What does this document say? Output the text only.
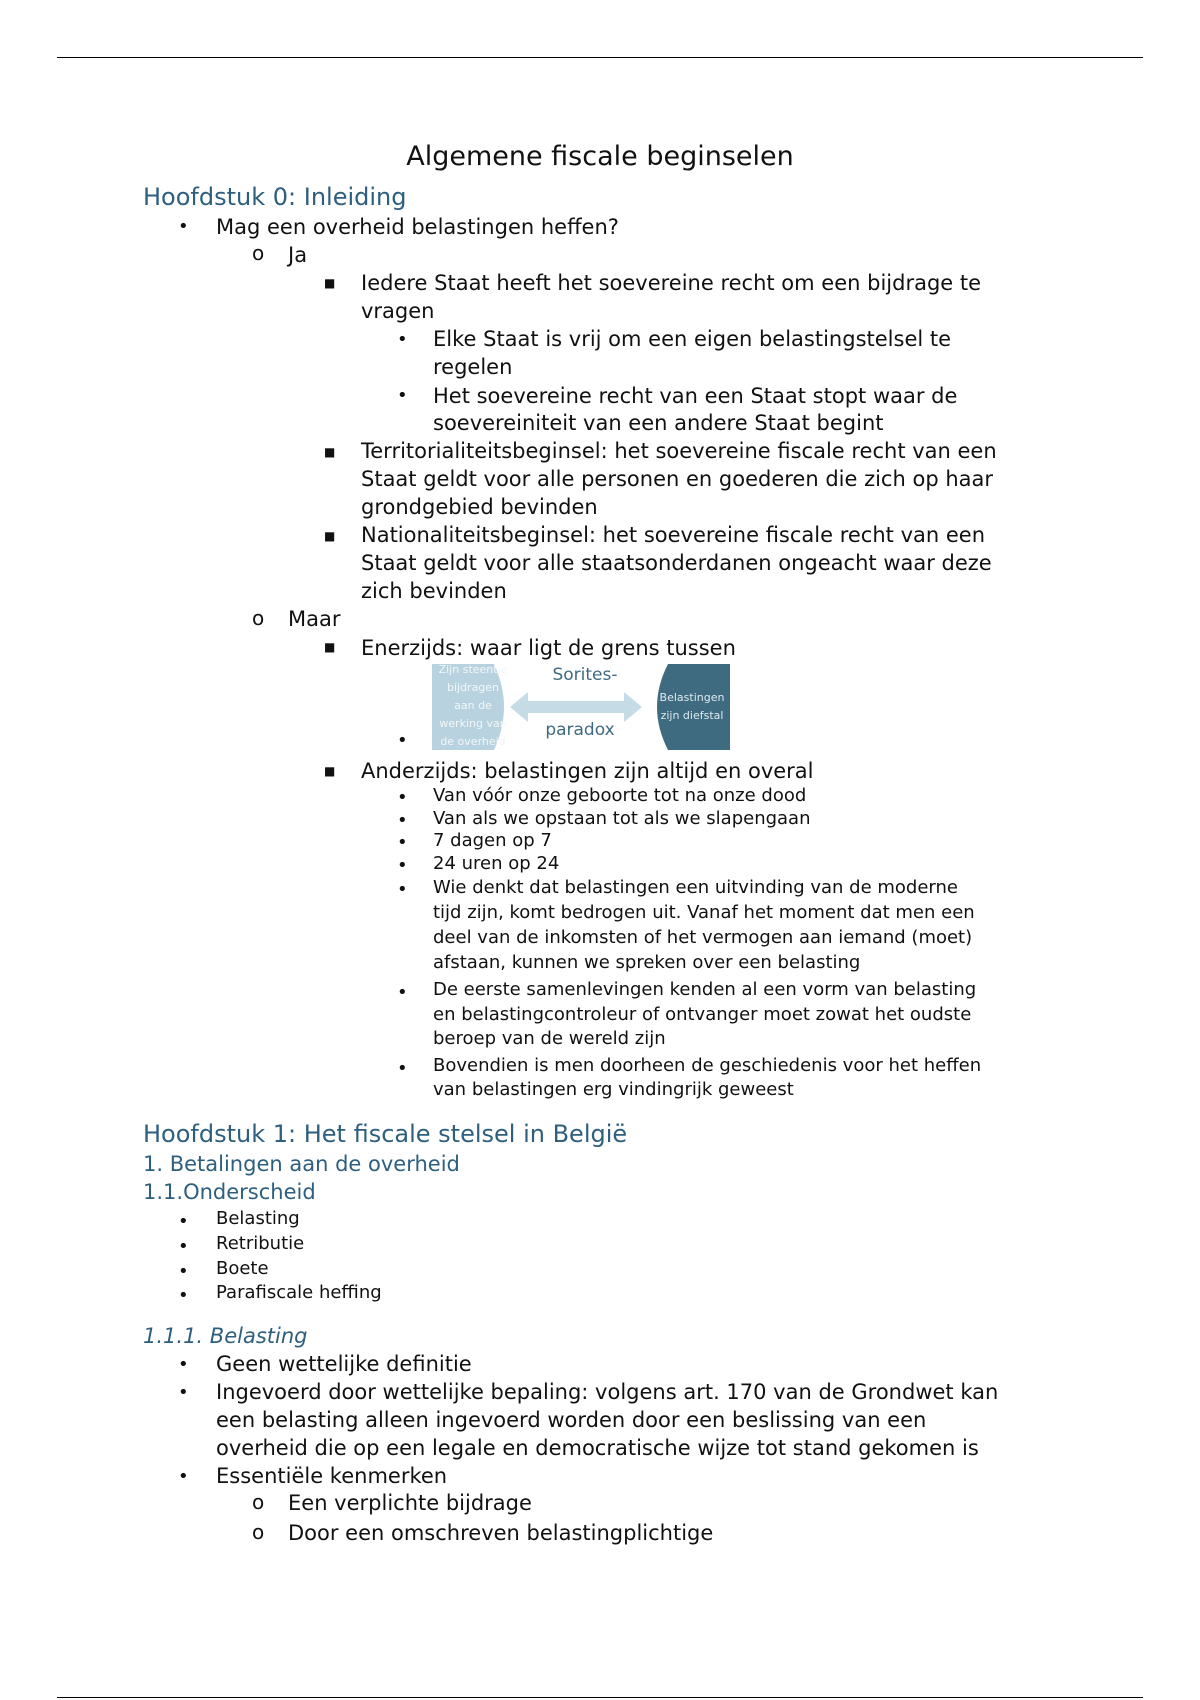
Algemene fiscale beginselen
Hoofdstuk 0: Inleiding
•
Mag een overheid belastingen heffen?
o
Ja
■
Iedere Staat heeft het soevereine recht om een bijdrage te
vragen
•
Elke Staat is vrij om een eigen belastingstelsel te
regelen
•
Het soevereine recht van een Staat stopt waar de
soevereiniteit van een andere Staat begint
■
Territorialiteitsbeginsel: het soevereine fiscale recht van een
Staat geldt voor alle personen en goederen die zich op haar
grondgebied bevinden
■
Nationaliteitsbeginsel: het soevereine fiscale recht van een
Staat geldt voor alle staatsonderdanen ongeacht waar deze
zich bevinden
o
Maar
■
Enerzijds: waar ligt de grens tussen
•
Zijn steentje
bijdragen
aan de
werking van
de overheid
Sorites-
paradox
Belastingen
zijn diefstal
■
Anderzijds: belastingen zijn altijd en overal
•
Van vóór onze geboorte tot na onze dood
•
Van als we opstaan tot als we slapengaan
•
7 dagen op 7
•
24 uren op 24
•
Wie denkt dat belastingen een uitvinding van de moderne
tijd zijn, komt bedrogen uit. Vanaf het moment dat men een
deel van de inkomsten of het vermogen aan iemand (moet)
afstaan, kunnen we spreken over een belasting
•
De eerste samenlevingen kenden al een vorm van belasting
en belastingcontroleur of ontvanger moet zowat het oudste
beroep van de wereld zijn
•
Bovendien is men doorheen de geschiedenis voor het heffen
van belastingen erg vindingrijk geweest
Hoofdstuk 1: Het fiscale stelsel in België
1. Betalingen aan de overheid
1.1.Onderscheid
•
Belasting
•
Retributie
•
Boete
•
Parafiscale heffing
1.1.1. Belasting
•
Geen wettelijke definitie
•
Ingevoerd door wettelijke bepaling: volgens art. 170 van de Grondwet kan
een belasting alleen ingevoerd worden door een beslissing van een
overheid die op een legale en democratische wijze tot stand gekomen is
•
Essentiële kenmerken
o
Een verplichte bijdrage
o
Door een omschreven belastingplichtige
